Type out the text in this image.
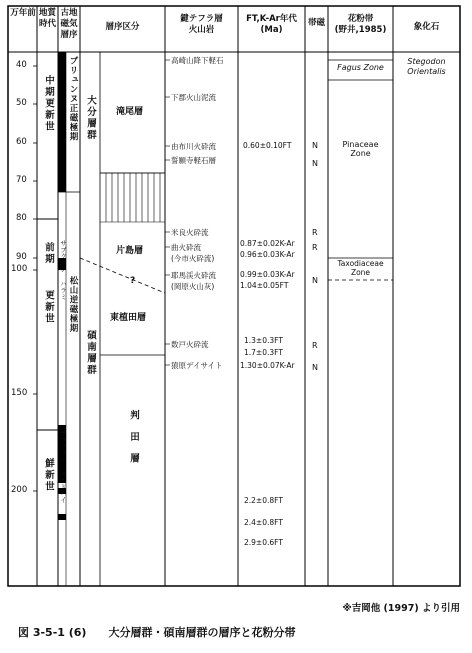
万年前 地質時代
古地磁気層序
層序区分
鍵テフラ層
火山岩
FT,K-Ar年代
(Ma)
帯磁	花粉帯
(野井,1985)	象化石
40
50
60
70
80
90
100
150
200
中期更新世
前期
更新世
鮮新世
ブリュンヌ正磁極期
松山逆磁極期
サブクロン ハラミ
サブクロン オルドバイ
大分層群
碩南層群
滝尾層
片島層
?
東植田層
判田層
高崎山降下軽石
下郡火山泥流
由布川火砕流
誓願寺軽石層
米良火砕流
曲火砕流
(今市火砕流)
耶馬渓火砕流
(岡原火山灰)
数戸火砕流
猿原デイサイト
0.60±0.10FT
0.87±0.02K-Ar
0.96±0.03K-Ar
0.99±0.03K-Ar
1.04±0.05FT
1.3±0.3FT
1.7±0.3FT
1.30±0.07K-Ar
2.2±0.8FT
2.4±0.8FT
2.9±0.6FT
N
N
R
R
N
R
N
Fagus Zone
Pinaceae
Zone
Taxodiaceae
Zone
Stegodon
Orientalis
※吉岡他 (1997) より引用
図 3-5-1 (6)　　大分層群・碩南層群の層序と花粉分帯
